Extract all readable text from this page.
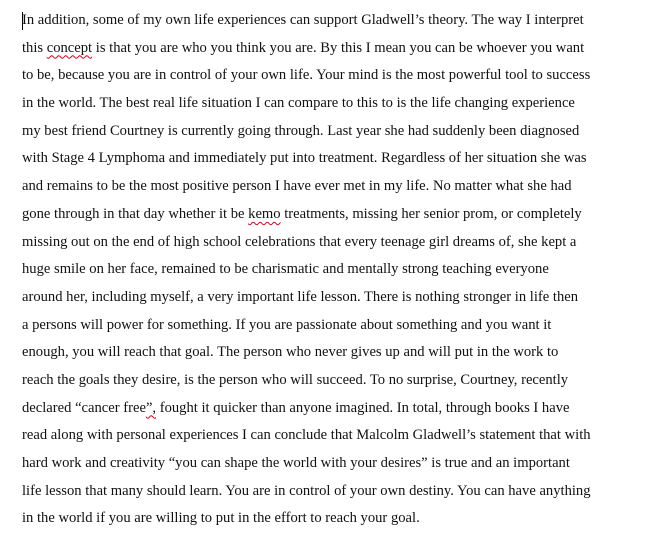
In addition, some of my own life experiences can support Gladwell’s theory. The way I interpret
this concept is that you are who you think you are. By this I mean you can be whoever you want
to be, because you are in control of your own life. Your mind is the most powerful tool to success
in the world. The best real life situation I can compare to this to is the life changing experience
my best friend Courtney is currently going through. Last year she had suddenly been diagnosed
with Stage 4 Lymphoma and immediately put into treatment. Regardless of her situation she was
and remains to be the most positive person I have ever met in my life. No matter what she had
gone through in that day whether it be kemo treatments, missing her senior prom, or completely
missing out on the end of high school celebrations that every teenage girl dreams of, she kept a
huge smile on her face, remained to be charismatic and mentally strong teaching everyone
around her, including myself, a very important life lesson. There is nothing stronger in life then
a persons will power for something. If you are passionate about something and you want it
enough, you will reach that goal. The person who never gives up and will put in the work to
reach the goals they desire, is the person who will succeed. To no surprise, Courtney, recently
declared “cancer free”, fought it quicker than anyone imagined. In total, through books I have
read along with personal experiences I can conclude that Malcolm Gladwell’s statement that with
hard work and creativity “you can shape the world with your desires” is true and an important
life lesson that many should learn. You are in control of your own destiny. You can have anything
in the world if you are willing to put in the effort to reach your goal.
